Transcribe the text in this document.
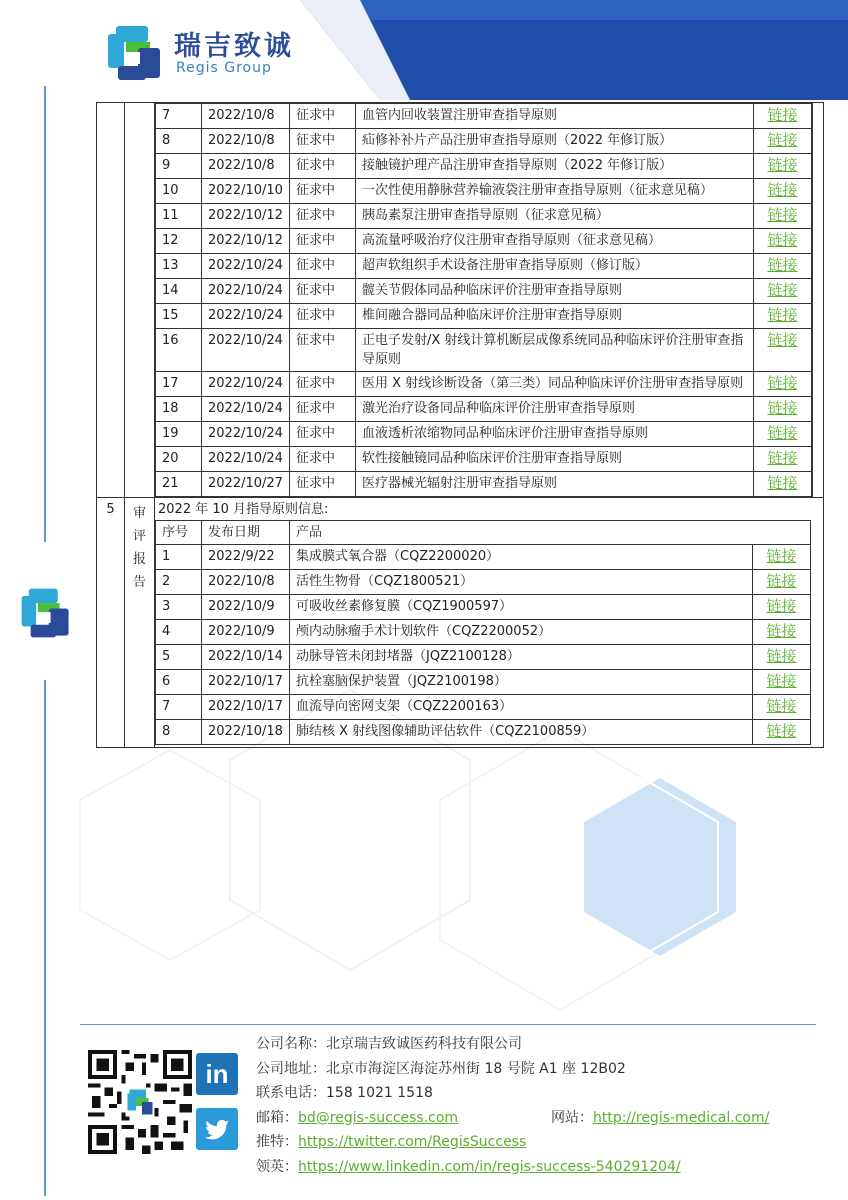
瑞吉致诚
Regis Group

7	2022/10/8	征求中	血管内回收装置注册审查指导原则	链接
8	2022/10/8	征求中	疝修补补片产品注册审查指导原则（2022 年修订版）	链接
9	2022/10/8	征求中	接触镜护理产品注册审查指导原则（2022 年修订版）	链接
10	2022/10/10	征求中	一次性使用静脉营养输液袋注册审查指导原则（征求意见稿）	链接
11	2022/10/12	征求中	胰岛素泵注册审查指导原则（征求意见稿）	链接
12	2022/10/12	征求中	高流量呼吸治疗仪注册审查指导原则（征求意见稿）	链接
13	2022/10/24	征求中	超声软组织手术设备注册审查指导原则（修订版）	链接
14	2022/10/24	征求中	髋关节假体同品种临床评价注册审查指导原则	链接
15	2022/10/24	征求中	椎间融合器同品种临床评价注册审查指导原则	链接
16	2022/10/24	征求中	正电子发射/X 射线计算机断层成像系统同品种临床评价注册审查指导原则	链接
17	2022/10/24	征求中	医用 X 射线诊断设备（第三类）同品种临床评价注册审查指导原则	链接
18	2022/10/24	征求中	激光治疗设备同品种临床评价注册审查指导原则	链接
19	2022/10/24	征求中	血液透析浓缩物同品种临床评价注册审查指导原则	链接
20	2022/10/24	征求中	软性接触镜同品种临床评价注册审查指导原则	链接
21	2022/10/27	征求中	医疗器械光辐射注册审查指导原则	链接

5	审
评
报
告

2022 年 10 月指导原则信息:
序号	发布日期	产品
1	2022/9/22	集成膜式氧合器（CQZ2200020）	链接
2	2022/10/8	活性生物骨（CQZ1800521）	链接
3	2022/10/9	可吸收丝素修复膜（CQZ1900597）	链接
4	2022/10/9	颅内动脉瘤手术计划软件（CQZ2200052）	链接
5	2022/10/14	动脉导管未闭封堵器（JQZ2100128）	链接
6	2022/10/17	抗栓塞脑保护装置（JQZ2100198）	链接
7	2022/10/17	血流导向密网支架（CQZ2200163）	链接
8	2022/10/18	肺结核 X 射线图像辅助评估软件（CQZ2100859）	链接
in
公司名称：北京瑞吉致诚医药科技有限公司
公司地址：北京市海淀区海淀苏州街 18 号院 A1 座 12B02
联系电话：158 1021 1518
邮箱：bd@regis-success.com	网站：http://regis-medical.com/
推特：https://twitter.com/RegisSuccess
领英：https://www.linkedin.com/in/regis-success-540291204/
